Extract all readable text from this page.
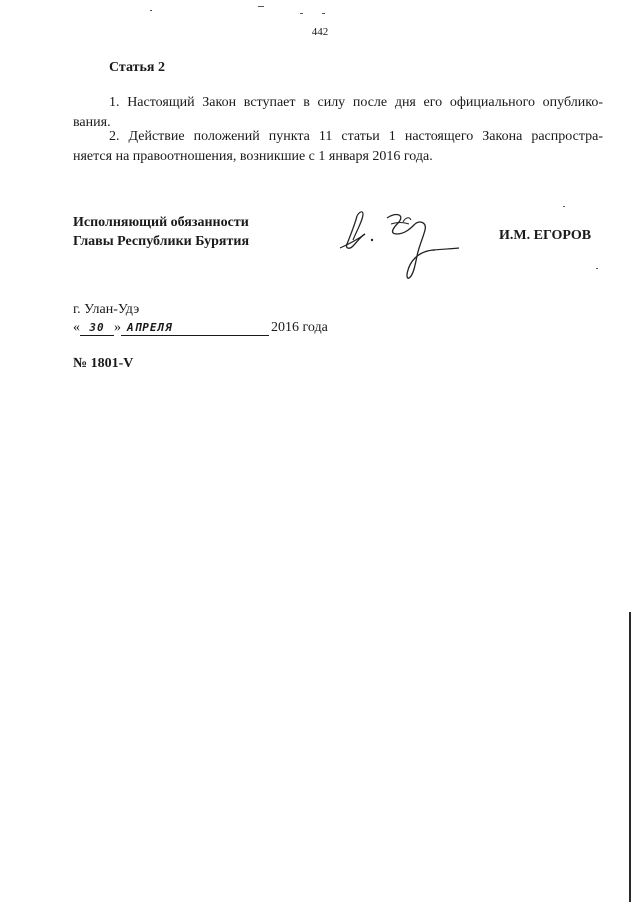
442
Статья 2
1. Настоящий Закон вступает в силу после дня его официального опублико-
вания.
2. Действие положений пункта 11 статьи 1 настоящего Закона распростра-
няется на правоотношения, возникшие с 1 января 2016 года.
Исполняющий обязанности
Главы Республики Бурятия	И.М. ЕГОРОВ
г. Улан-Удэ
« 30 » АПРЕЛЯ	2016 года
№ 1801-V
